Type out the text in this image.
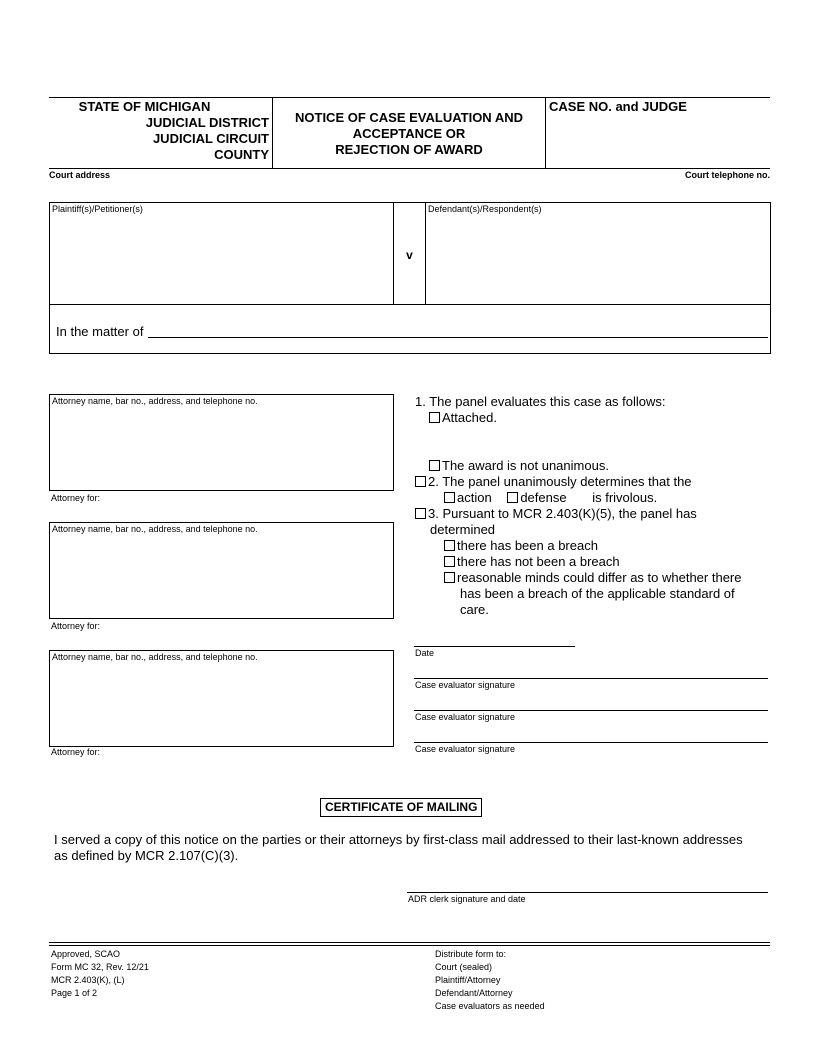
STATE OF MICHIGAN
JUDICIAL DISTRICT
JUDICIAL CIRCUIT
COUNTY
NOTICE OF CASE EVALUATION AND
ACCEPTANCE OR
REJECTION OF AWARD
CASE NO. and JUDGE
Court address	Court telephone no.
Plaintiff(s)/Petitioner(s)
v
Defendant(s)/Respondent(s)
In the matter of
Attorney name, bar no., address, and telephone no.
Attorney for:
Attorney name, bar no., address, and telephone no.
Attorney for:
Attorney name, bar no., address, and telephone no.
Attorney for:
1. The panel evaluates this case as follows:
Attached.
The award is not unanimous.
2. The panel unanimously determines that the
action defense is frivolous.
3. Pursuant to MCR 2.403(K)(5), the panel has
determined
there has been a breach
there has not been a breach
reasonable minds could differ as to whether there
has been a breach of the applicable standard of
care.
Date
Case evaluator signature
Case evaluator signature
Case evaluator signature
CERTIFICATE OF MAILING
I served a copy of this notice on the parties or their attorneys by first-class mail addressed to their last-known addresses
as defined by MCR 2.107(C)(3).
ADR clerk signature and date
Approved, SCAO
Form MC 32, Rev. 12/21
MCR 2.403(K), (L)
Page 1 of 2
Distribute form to:
Court (sealed)
Plaintiff/Attorney
Defendant/Attorney
Case evaluators as needed
